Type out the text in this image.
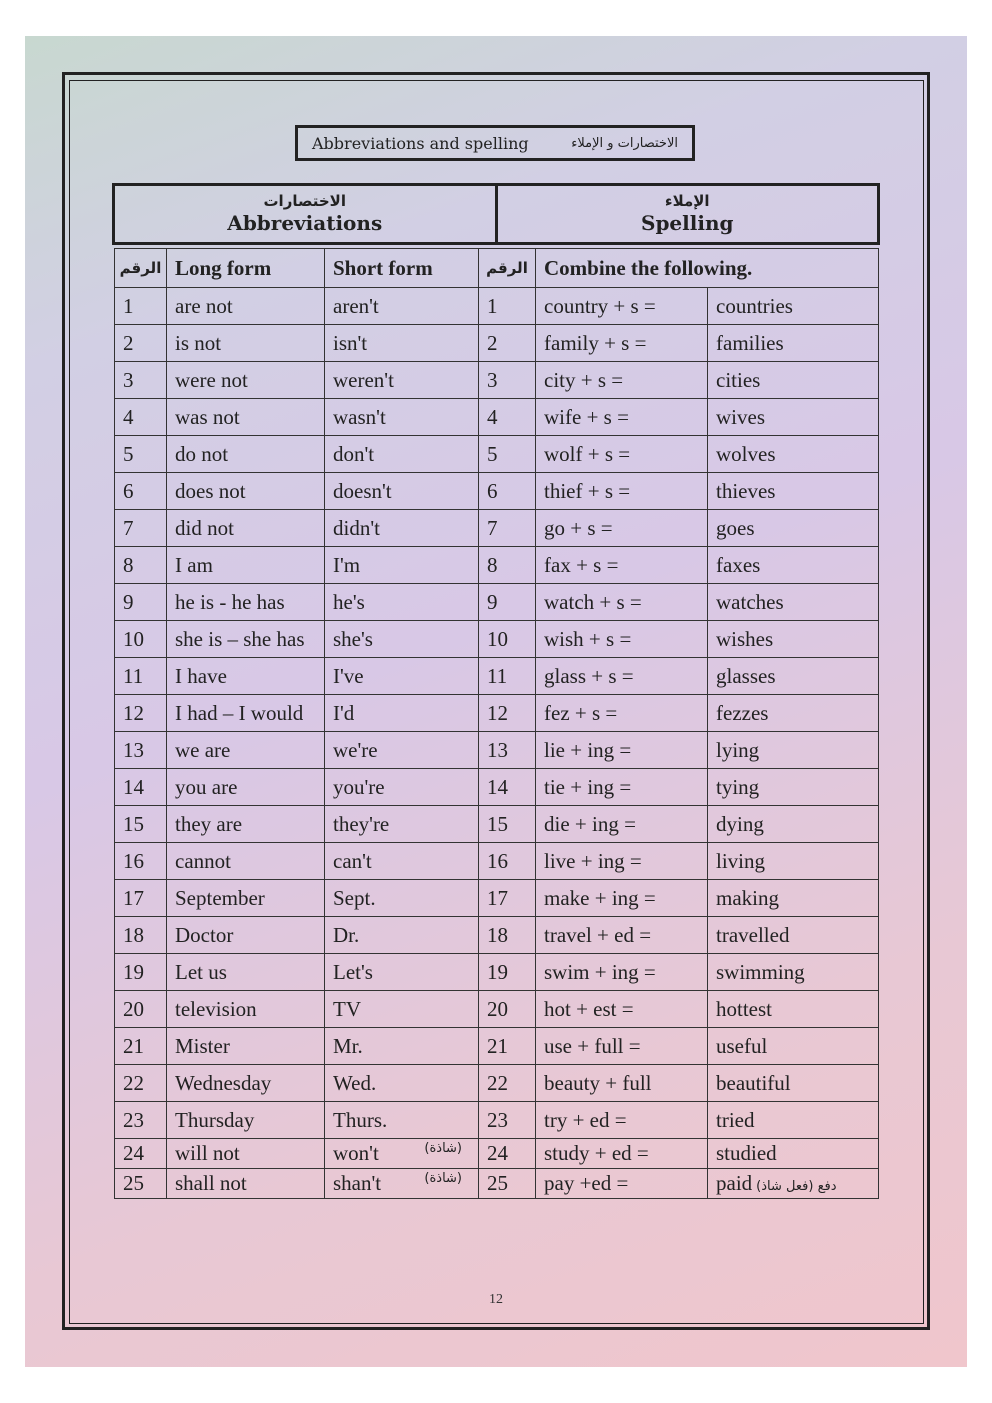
Abbreviations and spelling	الاختصارات و الإملاء
الاختصارات
Abbreviations
الإملاء
Spelling
الرقم	Long form	Short form	الرقم	Combine the following.	
1	are not	aren't	1	country + s =	countries
2	is not	isn't	2	family + s =	families
3	were not	weren't	3	city + s =	cities
4	was not	wasn't	4	wife + s =	wives
5	do not	don't	5	wolf + s =	wolves
6	does not	doesn't	6	thief + s =	thieves
7	did not	didn't	7	go + s =	goes
8	I am	I'm	8	fax + s =	faxes
9	he is - he has	he's	9	watch + s =	watches
10	she is – she has	she's	10	wish + s =	wishes
11	I have	I've	11	glass + s =	glasses
12	I had – I would	I'd	12	fez + s =	fezzes
13	we are	we're	13	lie + ing =	lying
14	you are	you're	14	tie + ing =	tying
15	they are	they're	15	die + ing =	dying
16	cannot	can't	16	live + ing =	living
17	September	Sept.	17	make + ing =	making
18	Doctor	Dr.	18	travel + ed =	travelled
19	Let us	Let's	19	swim + ing =	swimming
20	television	TV	20	hot + est =	hottest
21	Mister	Mr.	21	use + full =	useful
22	Wednesday	Wed.	22	beauty + full	beautiful
23	Thursday	Thurs.	23	try + ed =	tried
24	will not	won't (شاذة)	24	study + ed =	studied
25	shall not	shan't (شاذة)	25	pay +ed =	paid (فعل شاذ) دفع
12
